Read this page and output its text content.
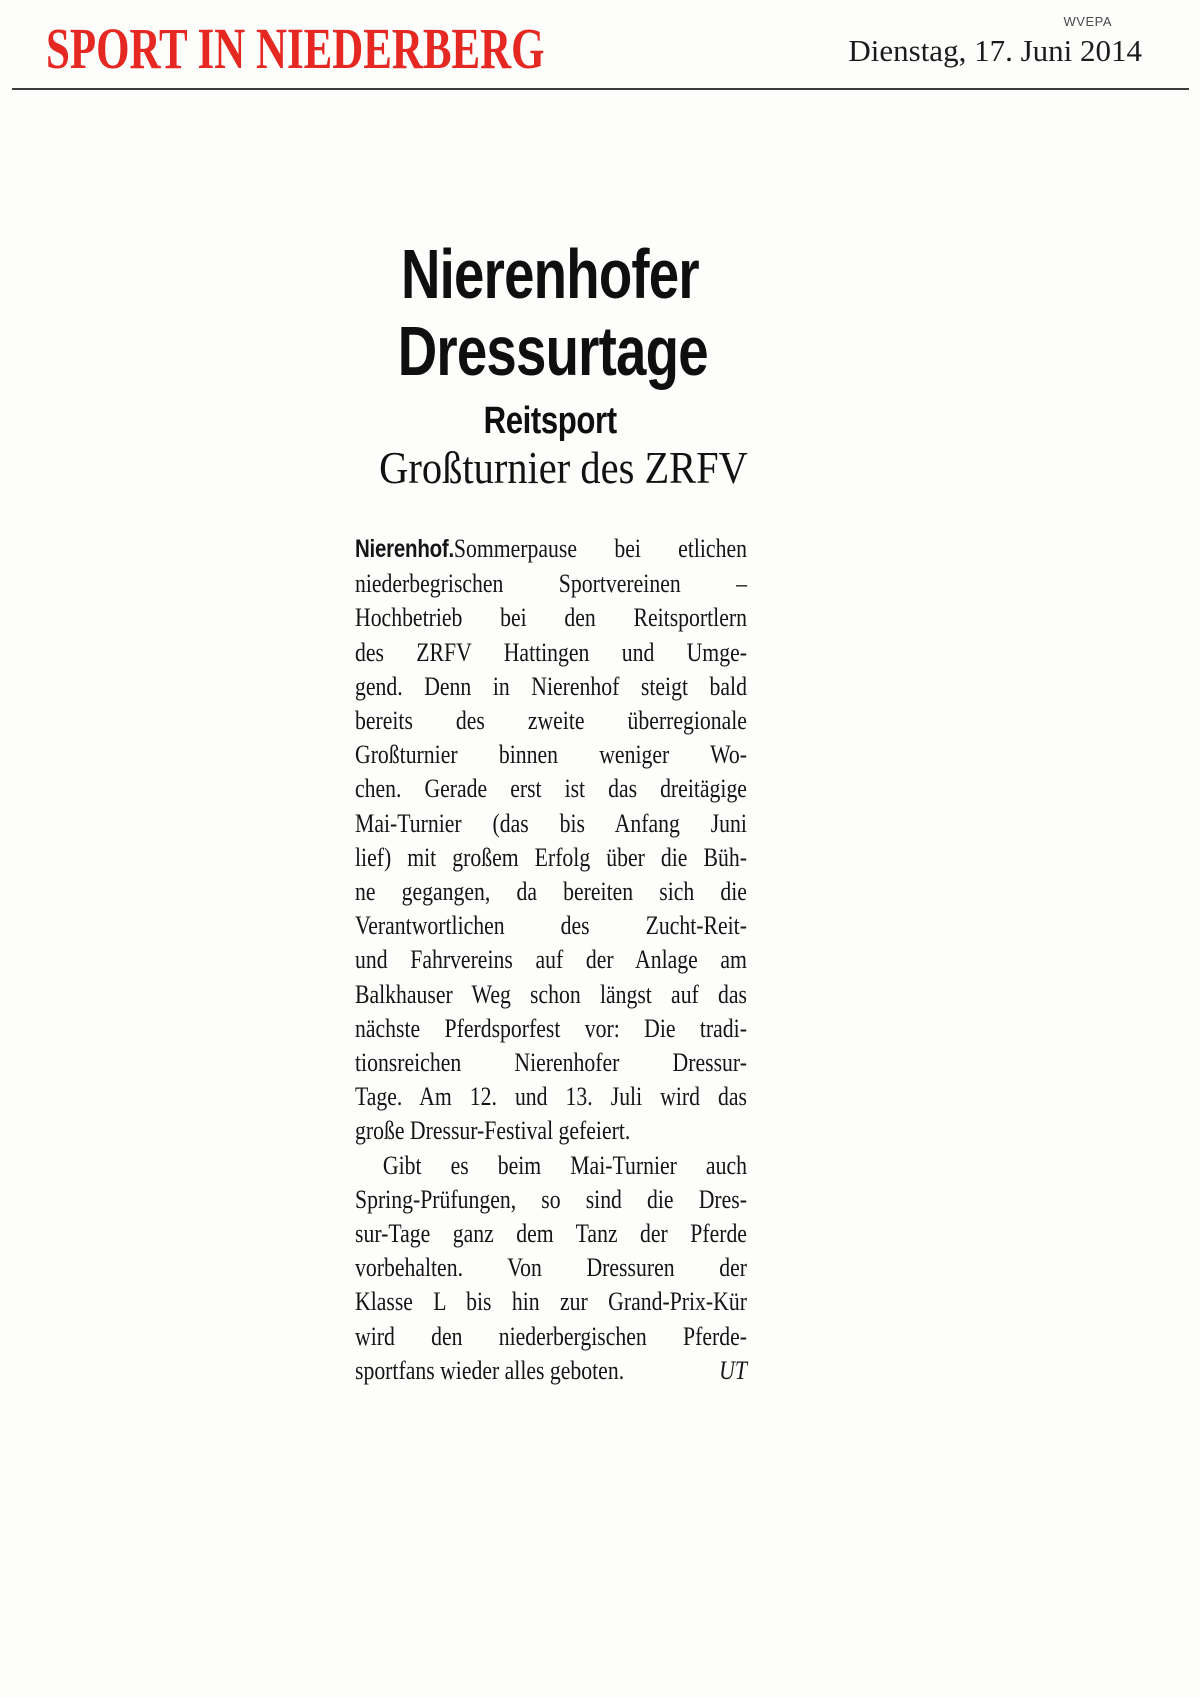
SPORT IN NIEDERBERG	WVEPA
Dienstag, 17. Juni 2014
Nierenhofer
Dressurtage
Reitsport
Großturnier des ZRFV
Nierenhof.Sommerpause bei etlichen
niederbegrischen Sportvereinen –
Hochbetrieb bei den Reitsportlern
des ZRFV Hattingen und Umge-
gend. Denn in Nierenhof steigt bald
bereits des zweite überregionale
Großturnier binnen weniger Wo-
chen. Gerade erst ist das dreitägige
Mai-Turnier (das bis Anfang Juni
lief) mit großem Erfolg über die Büh-
ne gegangen, da bereiten sich die
Verantwortlichen des Zucht-Reit-
und Fahrvereins auf der Anlage am
Balkhauser Weg schon längst auf das
nächste Pferdsporfest vor: Die tradi-
tionsreichen Nierenhofer Dressur-
Tage. Am 12. und 13. Juli wird das
große Dressur-Festival gefeiert.
Gibt es beim Mai-Turnier auch
Spring-Prüfungen, so sind die Dres-
sur-Tage ganz dem Tanz der Pferde
vorbehalten. Von Dressuren der
Klasse L bis hin zur Grand-Prix-Kür
wird den niederbergischen Pferde-
sportfans wieder alles geboten.	UT
